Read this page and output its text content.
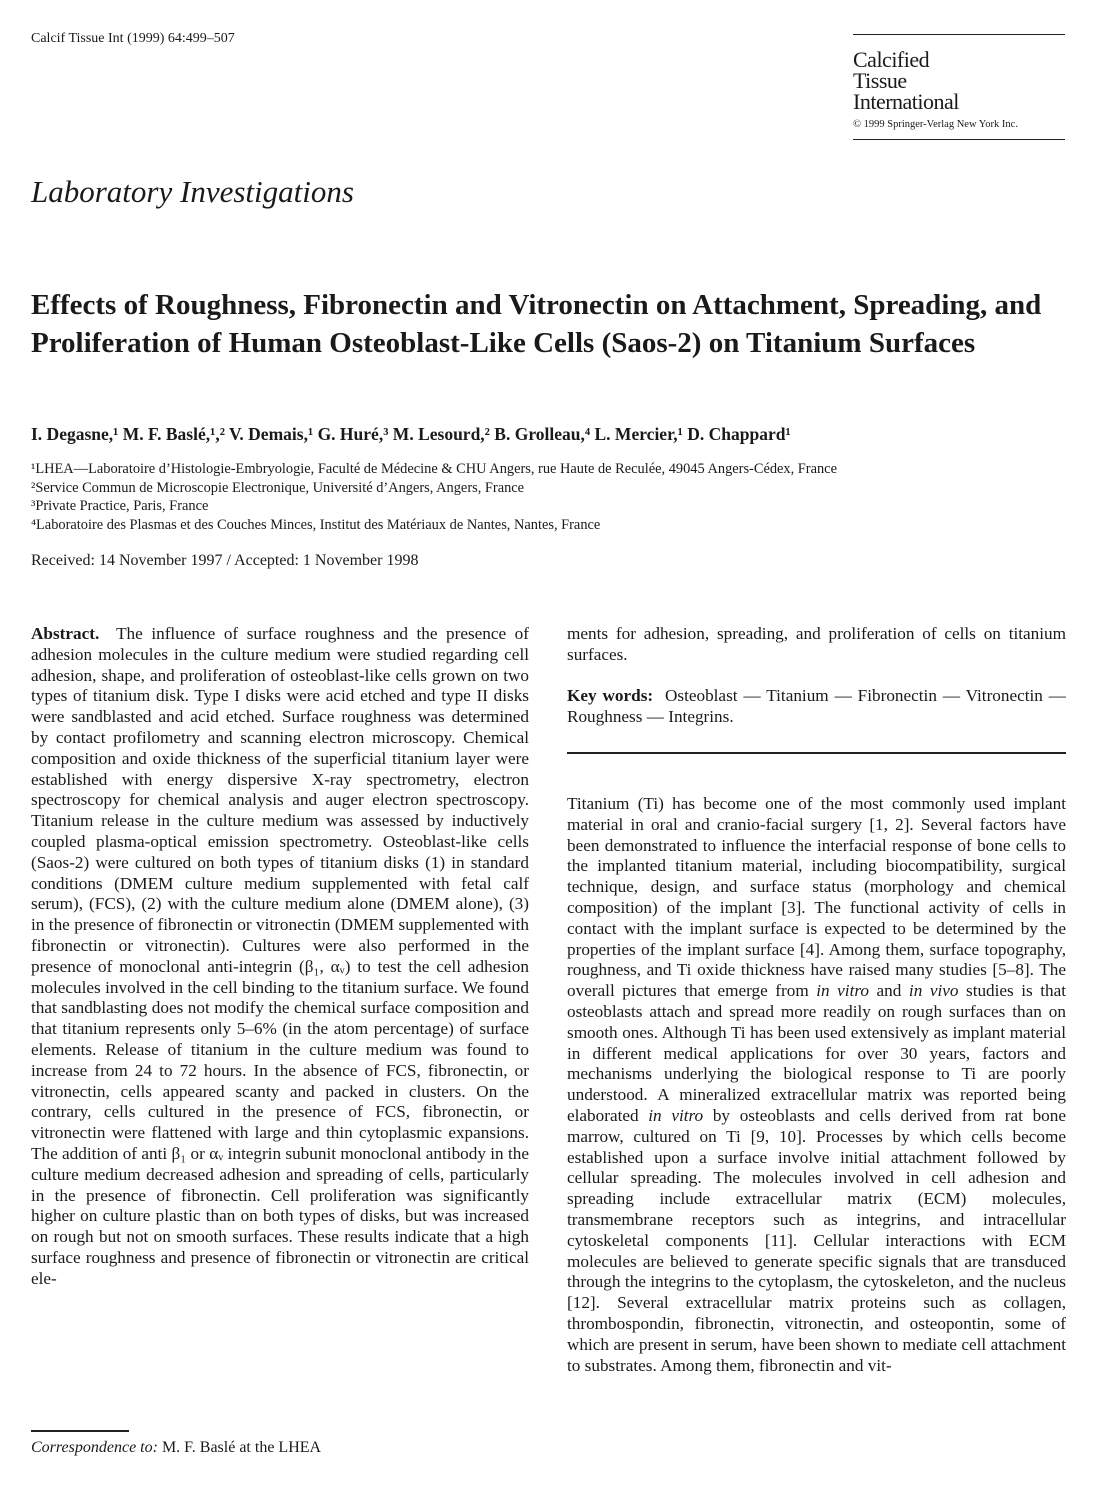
Calcif Tissue Int (1999) 64:499–507
Calcified
Tissue
International
© 1999 Springer-Verlag New York Inc.
Laboratory Investigations
Effects of Roughness, Fibronectin and Vitronectin on Attachment, Spreading, and Proliferation of Human Osteoblast-Like Cells (Saos-2) on Titanium Surfaces
I. Degasne,¹ M. F. Baslé,¹,² V. Demais,¹ G. Huré,³ M. Lesourd,² B. Grolleau,⁴ L. Mercier,¹ D. Chappard¹
¹LHEA—Laboratoire d’Histologie-Embryologie, Faculté de Médecine & CHU Angers, rue Haute de Reculée, 49045 Angers-Cédex, France
²Service Commun de Microscopie Electronique, Université d’Angers, Angers, France
³Private Practice, Paris, France
⁴Laboratoire des Plasmas et des Couches Minces, Institut des Matériaux de Nantes, Nantes, France
Received: 14 November 1997 / Accepted: 1 November 1998
Abstract. The influence of surface roughness and the presence of adhesion molecules in the culture medium were studied regarding cell adhesion, shape, and proliferation of osteoblast-like cells grown on two types of titanium disk. Type I disks were acid etched and type II disks were sandblasted and acid etched. Surface roughness was determined by contact profilometry and scanning electron microscopy. Chemical composition and oxide thickness of the superficial titanium layer were established with energy dispersive X-ray spectrometry, electron spectroscopy for chemical analysis and auger electron spectroscopy. Titanium release in the culture medium was assessed by inductively coupled plasma-optical emission spectrometry. Osteoblast-like cells (Saos-2) were cultured on both types of titanium disks (1) in standard conditions (DMEM culture medium supplemented with fetal calf serum), (FCS), (2) with the culture medium alone (DMEM alone), (3) in the presence of fibronectin or vitronectin (DMEM supplemented with fibronectin or vitronectin). Cultures were also performed in the presence of monoclonal anti-integrin (β₁, αᵥ) to test the cell adhesion molecules involved in the cell binding to the titanium surface. We found that sandblasting does not modify the chemical surface composition and that titanium represents only 5–6% (in the atom percentage) of surface elements. Release of titanium in the culture medium was found to increase from 24 to 72 hours. In the absence of FCS, fibronectin, or vitronectin, cells appeared scanty and packed in clusters. On the contrary, cells cultured in the presence of FCS, fibronectin, or vitronectin were flattened with large and thin cytoplasmic expansions. The addition of anti β₁ or αᵥ integrin subunit monoclonal antibody in the culture medium decreased adhesion and spreading of cells, particularly in the presence of fibronectin. Cell proliferation was significantly higher on culture plastic than on both types of disks, but was increased on rough but not on smooth surfaces. These results indicate that a high surface roughness and presence of fibronectin or vitronectin are critical ele-
ments for adhesion, spreading, and proliferation of cells on titanium surfaces.
Key words: Osteoblast — Titanium — Fibronectin — Vitronectin — Roughness — Integrins.
Titanium (Ti) has become one of the most commonly used implant material in oral and cranio-facial surgery [1, 2]. Several factors have been demonstrated to influence the interfacial response of bone cells to the implanted titanium material, including biocompatibility, surgical technique, design, and surface status (morphology and chemical composition) of the implant [3]. The functional activity of cells in contact with the implant surface is expected to be determined by the properties of the implant surface [4]. Among them, surface topography, roughness, and Ti oxide thickness have raised many studies [5–8]. The overall pictures that emerge from in vitro and in vivo studies is that osteoblasts attach and spread more readily on rough surfaces than on smooth ones. Although Ti has been used extensively as implant material in different medical applications for over 30 years, factors and mechanisms underlying the biological response to Ti are poorly understood. A mineralized extracellular matrix was reported being elaborated in vitro by osteoblasts and cells derived from rat bone marrow, cultured on Ti [9, 10]. Processes by which cells become established upon a surface involve initial attachment followed by cellular spreading. The molecules involved in cell adhesion and spreading include extracellular matrix (ECM) molecules, transmembrane receptors such as integrins, and intracellular cytoskeletal components [11]. Cellular interactions with ECM molecules are believed to generate specific signals that are transduced through the integrins to the cytoplasm, the cytoskeleton, and the nucleus [12]. Several extracellular matrix proteins such as collagen, thrombospondin, fibronectin, vitronectin, and osteopontin, some of which are present in serum, have been shown to mediate cell attachment to substrates. Among them, fibronectin and vit-
Correspondence to: M. F. Baslé at the LHEA
